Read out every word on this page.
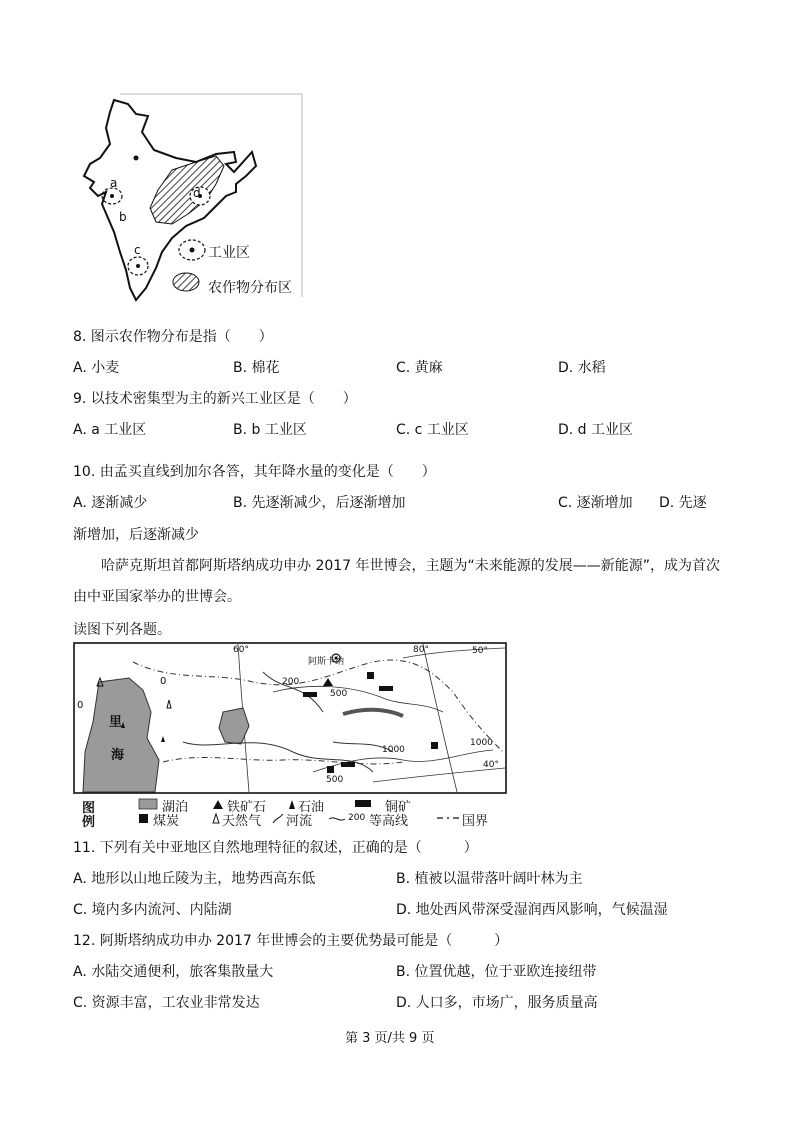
a
b
c
d
工业区
农作物分布区
8. 图示农作物分布是指（　　）
A. 小麦	B. 棉花	C. 黄麻	D. 水稻
9. 以技术密集型为主的新兴工业区是（　　）
A. a 工业区	B. b 工业区	C. c 工业区	D. d 工业区
10. 由孟买直线到加尔各答，其年降水量的变化是（　　）
A. 逐渐减少	B. 先逐渐减少，后逐渐增加	C. 逐渐增加 D. 先逐
渐增加，后逐渐减少
哈萨克斯坦首都阿斯塔纳成功申办 2017 年世博会，主题为“未来能源的发展——新能源”，成为首次
由中亚国家举办的世博会。
读图下列各题。
60°
阿斯卡纳
80°	50°
200
500
0
0
里
海	1000
1000
40°
500
图
例
湖泊	铁矿石 石油	铜矿
煤炭	天然气 河流	200 等高线	国界
11. 下列有关中亚地区自然地理特征的叙述，正确的是（　　　）
A. 地形以山地丘陵为主，地势西高东低	B. 植被以温带落叶阔叶林为主
C. 境内多内流河、内陆湖	D. 地处西风带深受湿润西风影响，气候温湿
12. 阿斯塔纳成功申办 2017 年世博会的主要优势最可能是（　　　）
A. 水陆交通便利，旅客集散量大	B. 位置优越，位于亚欧连接纽带
C. 资源丰富，工农业非常发达	D. 人口多，市场广，服务质量高
第 3 页/共 9 页
